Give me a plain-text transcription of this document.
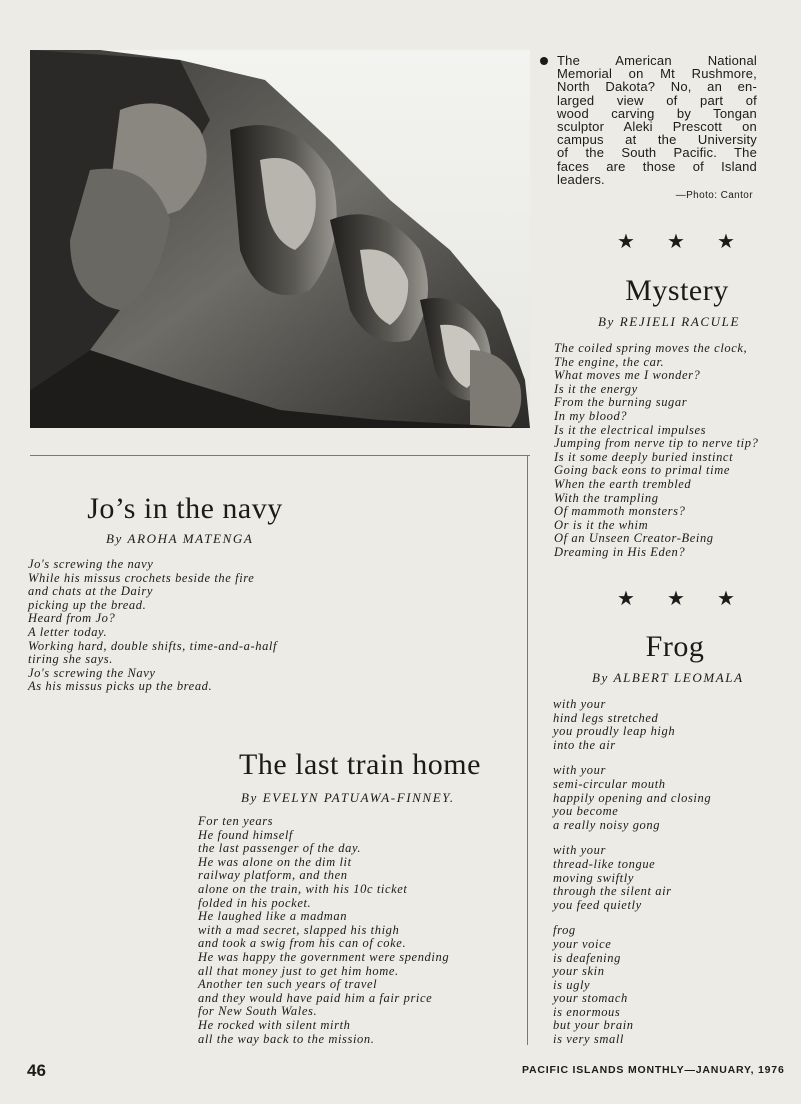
The American National
Memorial on Mt Rushmore,
North Dakota? No, an en-
larged view of part of
wood carving by Tongan
sculptor Aleki Prescott on
campus at the University
of the South Pacific. The
faces are those of Island
leaders.
—Photo: Cantor
★ ★ ★
Mystery
By REJIELI RACULE
The coiled spring moves the clock,
The engine, the car.
What moves me I wonder?
Is it the energy
From the burning sugar
In my blood?
Is it the electrical impulses
Jumping from nerve tip to nerve tip?
Is it some deeply buried instinct
Going back eons to primal time
When the earth trembled
With the trampling
Of mammoth monsters?
Or is it the whim
Of an Unseen Creator-Being
Dreaming in His Eden?
★ ★ ★
Frog
By ALBERT LEOMALA
with your
hind legs stretched
you proudly leap high
into the air
with your
semi-circular mouth
happily opening and closing
you become
a really noisy gong
with your
thread-like tongue
moving swiftly
through the silent air
you feed quietly
frog
your voice
is deafening
your skin
is ugly
your stomach
is enormous
but your brain
is very small
Jo’s in the navy
By AROHA MATENGA
Jo's screwing the navy
While his missus crochets beside the fire
and chats at the Dairy
picking up the bread.
Heard from Jo?
A letter today.
Working hard, double shifts, time-and-a-half
tiring she says.
Jo's screwing the Navy
As his missus picks up the bread.
The last train home
By EVELYN PATUAWA-FINNEY.
For ten years
He found himself
the last passenger of the day.
He was alone on the dim lit
railway platform, and then
alone on the train, with his 10c ticket
folded in his pocket.
He laughed like a madman
with a mad secret, slapped his thigh
and took a swig from his can of coke.
He was happy the government were spending
all that money just to get him home.
Another ten such years of travel
and they would have paid him a fair price
for New South Wales.
He rocked with silent mirth
all the way back to the mission.
46	PACIFIC ISLANDS MONTHLY—JANUARY, 1976
